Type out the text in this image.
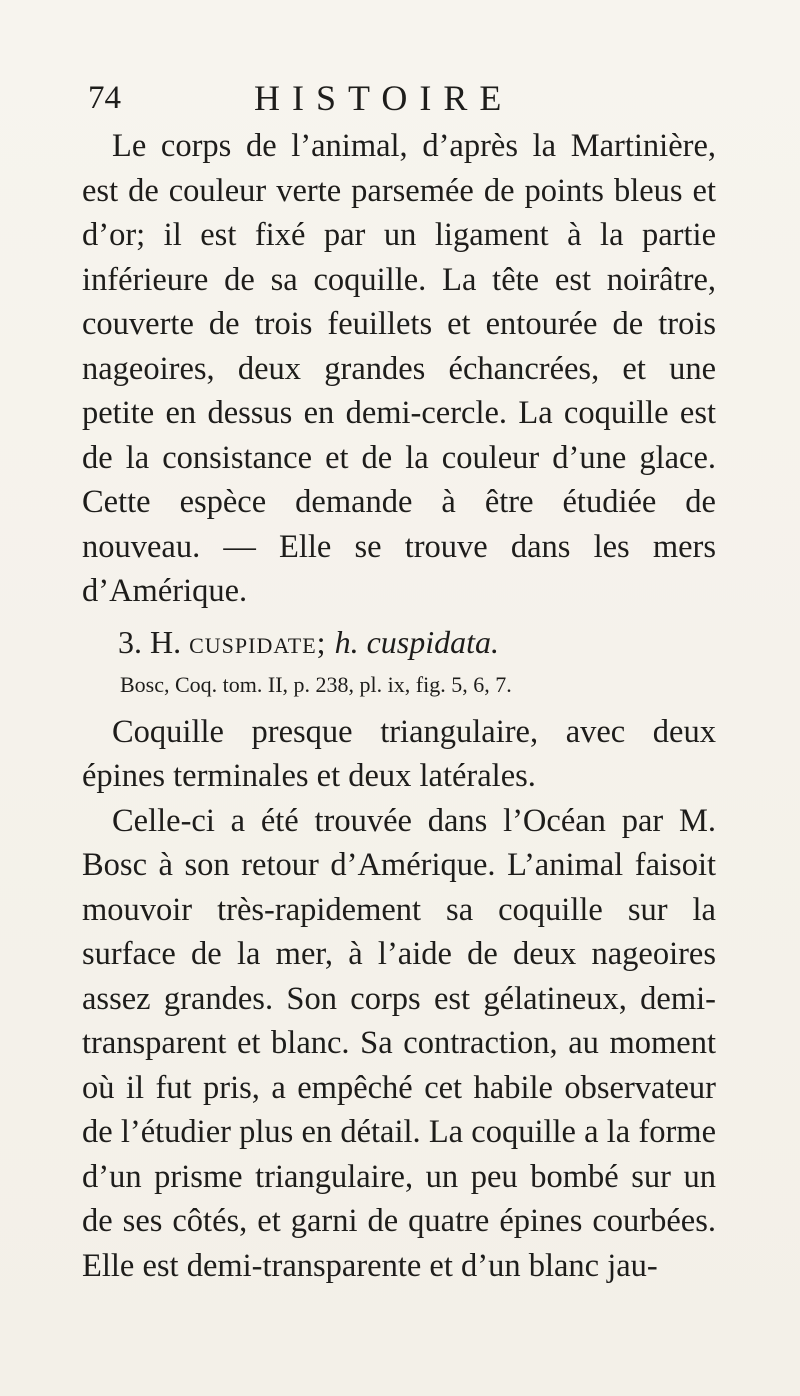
74	HISTOIRE

Le corps de l’animal, d’après la Martinière, est de couleur verte parsemée de points bleus et d’or; il est fixé par un ligament à la partie inférieure de sa coquille. La tête est noirâtre, couverte de trois feuillets et entourée de trois nageoires, deux grandes échancrées, et une petite en dessus en demi-cercle. La coquille est de la consistance et de la couleur d’une glace. Cette espèce demande à être étudiée de nouveau. — Elle se trouve dans les mers d’Amérique.

3. H. cuspidate; h. cuspidata.

Bosc, Coq. tom. II, p. 238, pl. ix, fig. 5, 6, 7.

Coquille presque triangulaire, avec deux épines terminales et deux latérales.

Celle-ci a été trouvée dans l’Océan par M. Bosc à son retour d’Amérique. L’animal faisoit mouvoir très-rapidement sa coquille sur la surface de la mer, à l’aide de deux nageoires assez grandes. Son corps est gélatineux, demi-transparent et blanc. Sa contraction, au moment où il fut pris, a empêché cet habile observateur de l’étudier plus en détail. La coquille a la forme d’un prisme triangulaire, un peu bombé sur un de ses côtés, et garni de quatre épines courbées. Elle est demi-transparente et d’un blanc jau-
